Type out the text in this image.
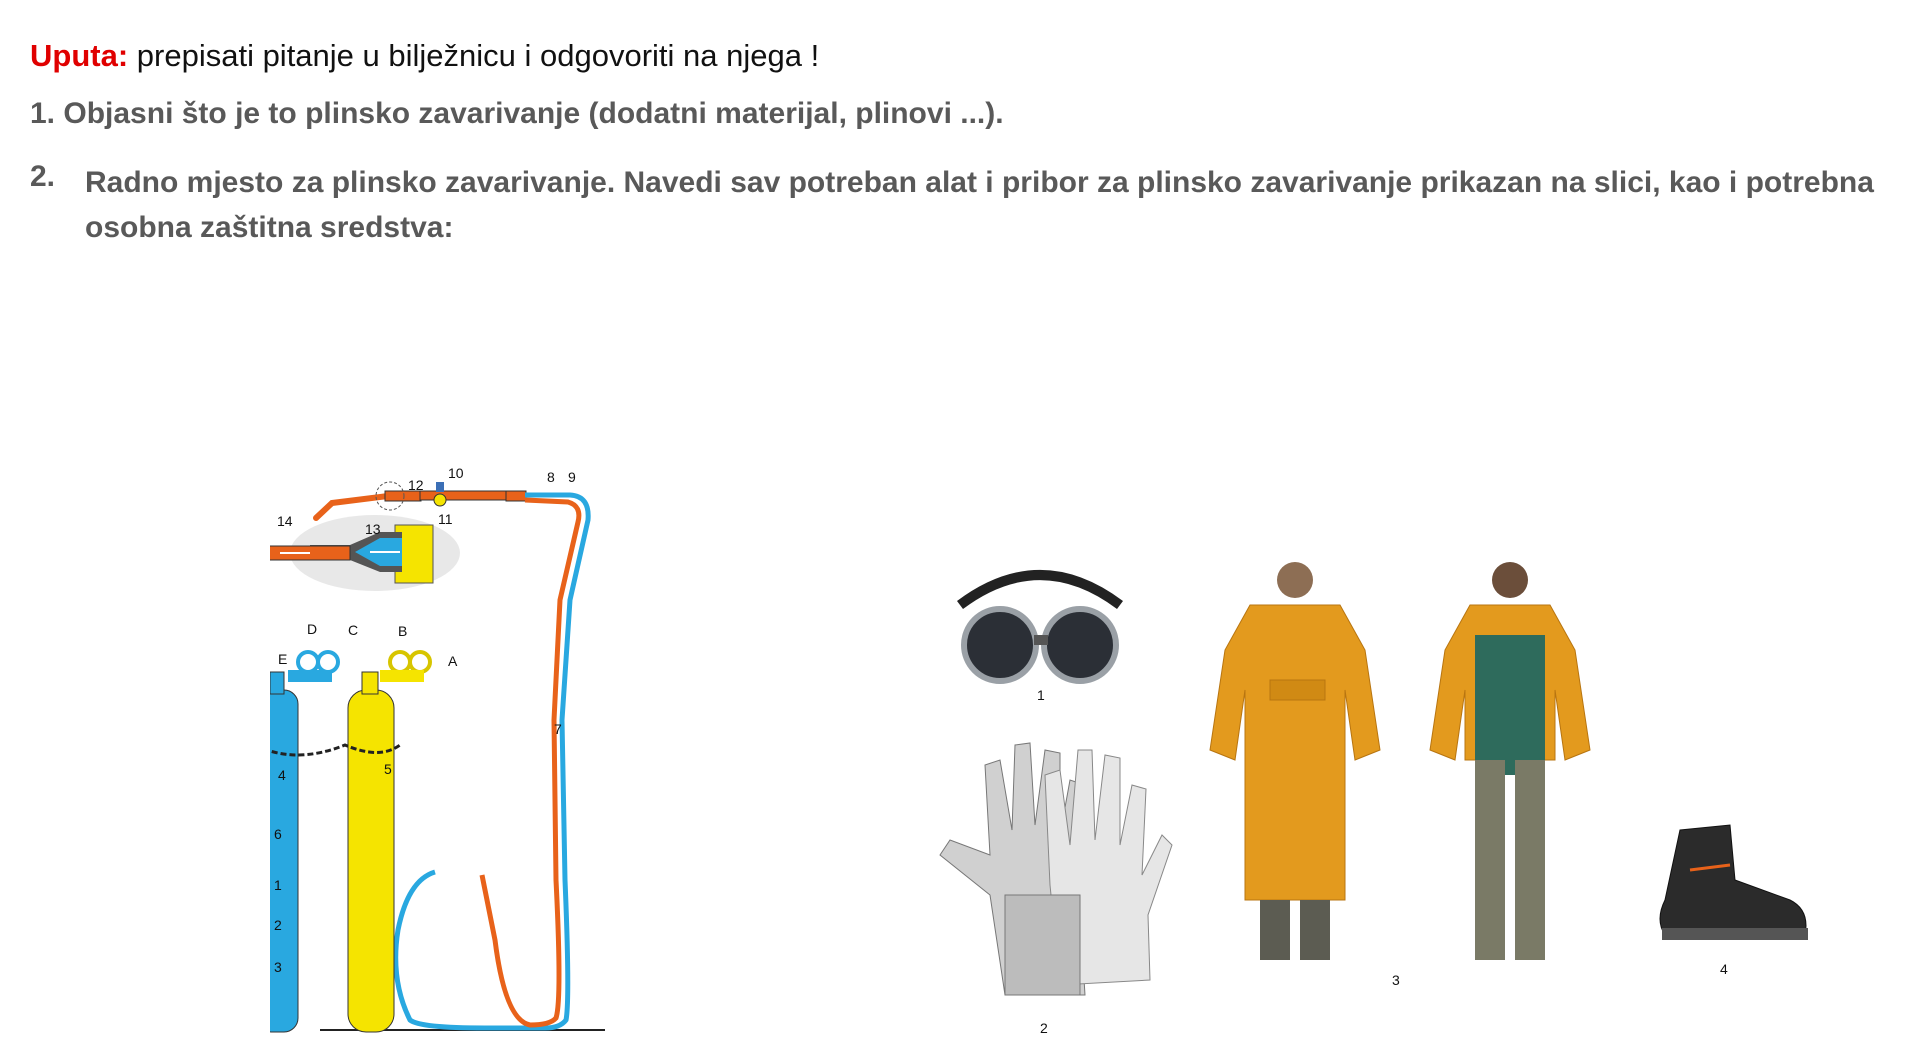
Uputa: prepisati pitanje u bilježnicu i odgovoriti na njega !
1. Objasni što je to plinsko zavarivanje (dodatni materijal, plinovi ...).
2. Radno mjesto za plinsko zavarivanje. Navedi sav potreban alat i pribor za plinsko zavarivanje prikazan na slici, kao i potrebna osobna zaštitna sredstva:
14	13
12
10
11
8 9
D C	B
A
E
7
4	5
6
1
2
3
1
2
3
4
